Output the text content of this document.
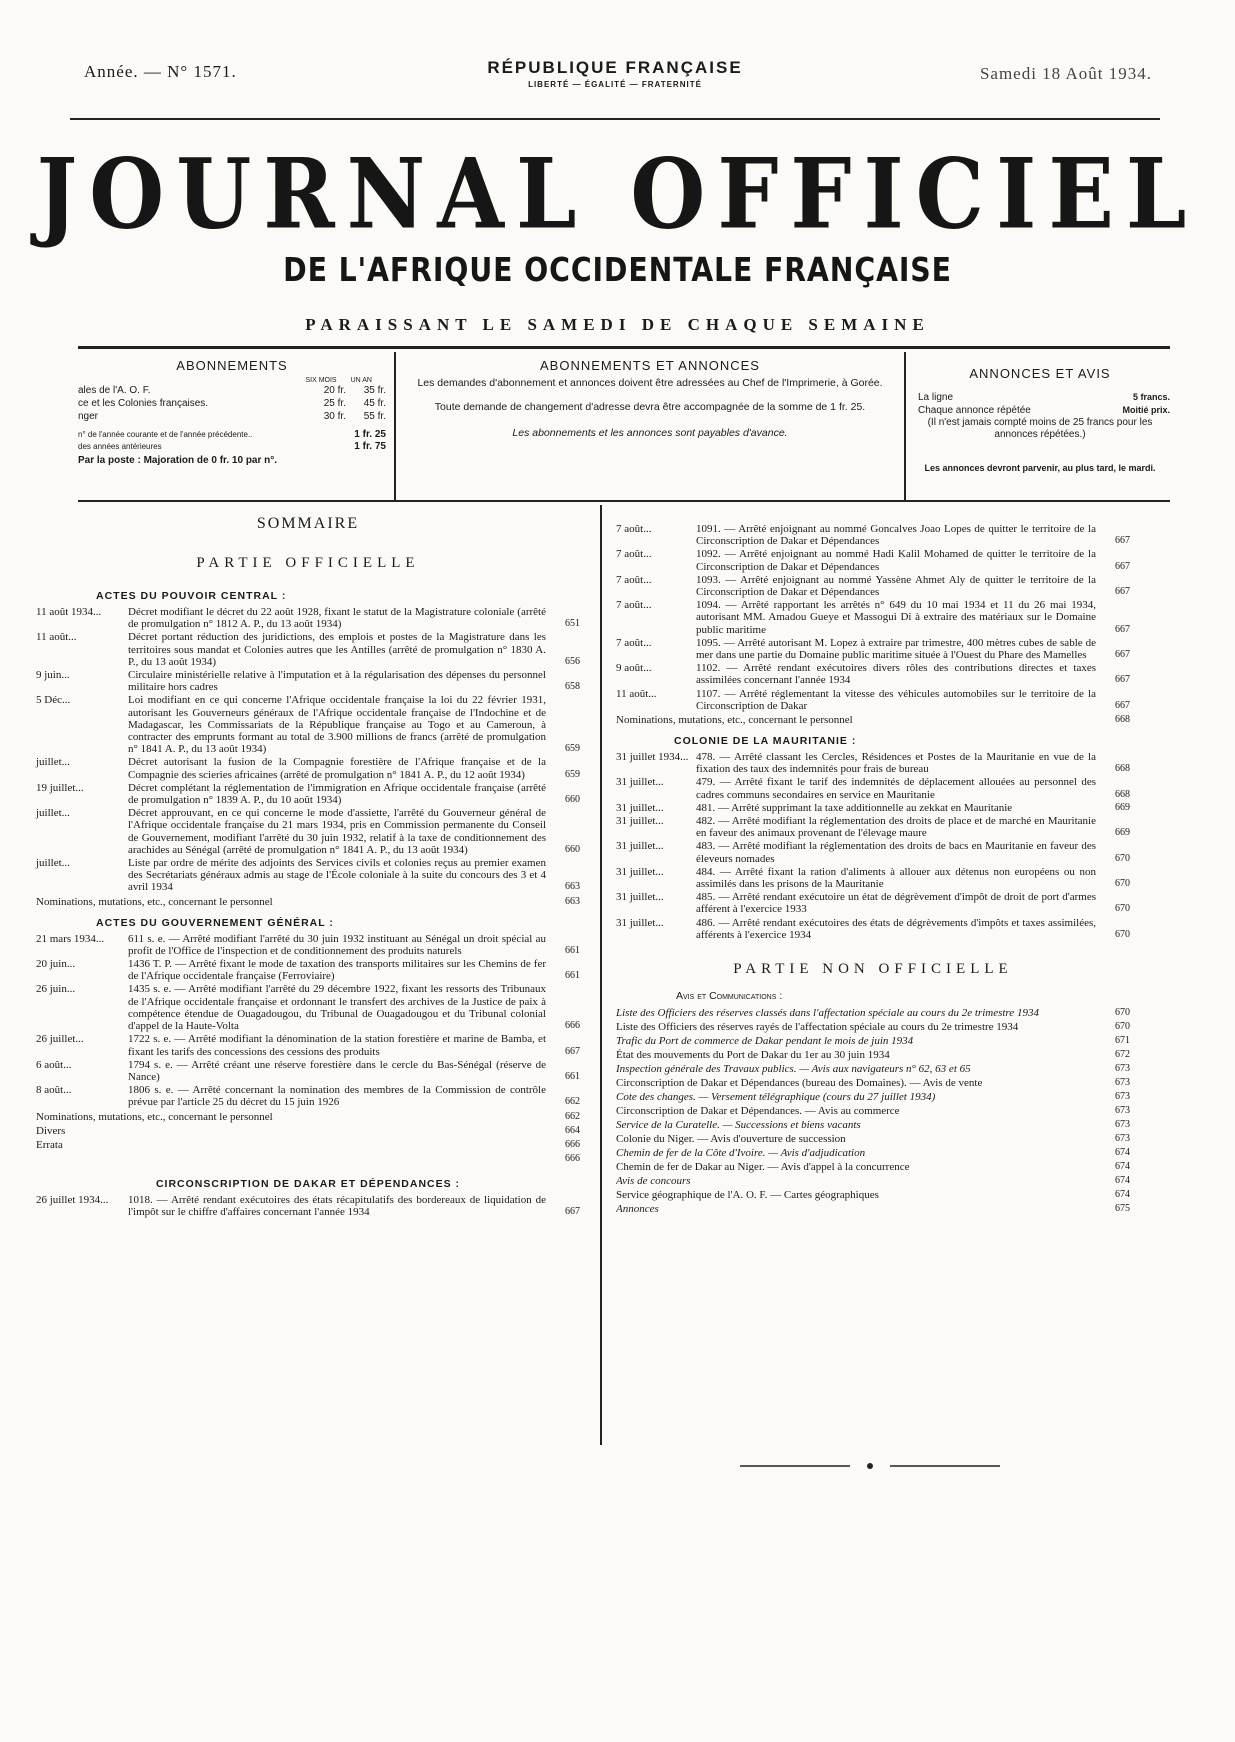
Année. — N° 1571.	RÉPUBLIQUE FRANÇAISE
LIBERTÉ — ÉGALITÉ — FRATERNITÉ
Samedi 18 Août 1934.
JOURNAL OFFICIEL
DE L'AFRIQUE OCCIDENTALE FRANÇAISE
PARAISSANT LE SAMEDI DE CHAQUE SEMAINE
ABONNEMENTS
SIX MOIS UN AN
ales de l'A. O. F.	20 fr.	35 fr.
ce et les Colonies françaises.	25 fr.	45 fr.
nger	30 fr.	55 fr.
n° de l'année courante et de l'année précédente..	1 fr. 25
des années antérieures	1 fr. 75
Par la poste : Majoration de 0 fr. 10 par n°.
ABONNEMENTS ET ANNONCES

Les demandes d'abonnement et annonces doivent être adressées au Chef de l'Imprimerie, à Gorée.

Toute demande de changement d'adresse devra être accompagnée de la somme de 1 fr. 25.

Les abonnements et les annonces sont payables d'avance.

ANNONCES ET AVIS
La ligne	5 francs.
Chaque annonce répétée	Moitié prix.
(Il n'est jamais compté moins de 25 francs pour les annonces répétées.)
Les annonces devront parvenir, au plus tard, le mardi.
SOMMAIRE
PARTIE OFFICIELLE
ACTES DU POUVOIR CENTRAL :
11 août 1934...	Décret modifiant le décret du 22 août 1928, fixant le statut de la Magistrature coloniale (arrêté de promulgation n° 1812 A. P., du 13 août 1934)	651
11 août...	Décret portant réduction des juridictions, des emplois et postes de la Magistrature dans les territoires sous mandat et Colonies autres que les Antilles (arrêté de promulgation n° 1830 A. P., du 13 août 1934)	656
9 juin...	Circulaire ministérielle relative à l'imputation et à la régularisation des dépenses du personnel militaire hors cadres	658
5 Déc...	Loi modifiant en ce qui concerne l'Afrique occidentale française la loi du 22 février 1931, autorisant les Gouverneurs généraux de l'Afrique occidentale française de l'Indochine et de Madagascar, les Commissariats de la République française au Togo et au Cameroun, à contracter des emprunts formant au total de 3.900 millions de francs (arrêté de promulgation n° 1841 A. P., du 13 août 1934)	659
juillet...	Décret autorisant la fusion de la Compagnie forestière de l'Afrique française et de la Compagnie des scieries africaines (arrêté de promulgation n° 1841 A. P., du 12 août 1934)	659
19 juillet...	Décret complétant la réglementation de l'immigration en Afrique occidentale française (arrêté de promulgation n° 1839 A. P., du 10 août 1934)	660
juillet...	Décret approuvant, en ce qui concerne le mode d'assiette, l'arrêté du Gouverneur général de l'Afrique occidentale française du 21 mars 1934, pris en Commission permanente du Conseil de Gouvernement, modifiant l'arrêté du 30 juin 1932, relatif à la taxe de conditionnement des arachides au Sénégal (arrêté de promulgation n° 1841 A. P., du 13 août 1934)	660
juillet...	Liste par ordre de mérite des adjoints des Services civils et colonies reçus au premier examen des Secrétariats généraux admis au stage de l'École coloniale à la suite du concours des 3 et 4 avril 1934	663
Nominations, mutations, etc., concernant le personnel	663
ACTES DU GOUVERNEMENT GÉNÉRAL :
21 mars 1934...	611 s. e. — Arrêté modifiant l'arrêté du 30 juin 1932 instituant au Sénégal un droit spécial au profit de l'Office de l'inspection et de conditionnement des produits naturels	661
20 juin...	1436 T. P. — Arrêté fixant le mode de taxation des transports militaires sur les Chemins de fer de l'Afrique occidentale française (Ferroviaire)	661
26 juin...	1435 s. e. — Arrêté modifiant l'arrêté du 29 décembre 1922, fixant les ressorts des Tribunaux de l'Afrique occidentale française et ordonnant le transfert des archives de la Justice de paix à compétence étendue de Ouagadougou, du Tribunal de Ouagadougou et du Tribunal colonial d'appel de la Haute-Volta	666
26 juillet...	1722 s. e. — Arrêté modifiant la dénomination de la station forestière et marine de Bamba, et fixant les tarifs des concessions des cessions des produits	667
6 août...	1794 s. e. — Arrêté créant une réserve forestière dans le cercle du Bas-Sénégal (réserve de Nance)	661
8 août...	1806 s. e. — Arrêté concernant la nomination des membres de la Commission de contrôle prévue par l'article 25 du décret du 15 juin 1926	662
Nominations, mutations, etc., concernant le personnel	662
Divers	664
Errata	666
666
CIRCONSCRIPTION DE DAKAR ET DÉPENDANCES :
26 juillet 1934...	1018. — Arrêté rendant exécutoires des états récapitulatifs des bordereaux de liquidation de l'impôt sur le chiffre d'affaires concernant l'année 1934	667
7 août...	1091. — Arrêté enjoignant au nommé Goncalves Joao Lopes de quitter le territoire de la Circonscription de Dakar et Dépendances	667
7 août...	1092. — Arrêté enjoignant au nommé Hadi Kalil Mohamed de quitter le territoire de la Circonscription de Dakar et Dépendances	667
7 août...	1093. — Arrêté enjoignant au nommé Yassène Ahmet Aly de quitter le territoire de la Circonscription de Dakar et Dépendances	667
7 août...	1094. — Arrêté rapportant les arrêtés n° 649 du 10 mai 1934 et 11 du 26 mai 1934, autorisant MM. Amadou Gueye et Massogui Di à extraire des matériaux sur le Domaine public maritime	667
7 août...	1095. — Arrêté autorisant M. Lopez à extraire par trimestre, 400 mètres cubes de sable de mer dans une partie du Domaine public maritime située à l'Ouest du Phare des Mamelles	667
9 août...	1102. — Arrêté rendant exécutoires divers rôles des contributions directes et taxes assimilées concernant l'année 1934	667
11 août...	1107. — Arrêté réglementant la vitesse des véhicules automobiles sur le territoire de la Circonscription de Dakar	667
Nominations, mutations, etc., concernant le personnel	668
COLONIE DE LA MAURITANIE :
31 juillet 1934... 478. — Arrêté classant les Cercles, Résidences et Postes de la Mauritanie en vue de la fixation des taux des indemnités pour frais de bureau	668
31 juillet...	479. — Arrêté fixant le tarif des indemnités de déplacement allouées au personnel des cadres communs secondaires en service en Mauritanie	668
31 juillet...	481. — Arrêté supprimant la taxe additionnelle au zekkat en Mauritanie	669
31 juillet...	482. — Arrêté modifiant la réglementation des droits de place et de marché en Mauritanie en faveur des animaux provenant de l'élevage maure	669
31 juillet...	483. — Arrêté modifiant la réglementation des droits de bacs en Mauritanie en faveur des éleveurs nomades	670
31 juillet...	484. — Arrêté fixant la ration d'aliments à allouer aux détenus non européens ou non assimilés dans les prisons de la Mauritanie	670
31 juillet...	485. — Arrêté rendant exécutoire un état de dégrèvement d'impôt de droit de port d'armes afférent à l'exercice 1933	670
31 juillet...	486. — Arrêté rendant exécutoires des états de dégrèvements d'impôts et taxes assimilées, afférents à l'exercice 1934	670
PARTIE NON OFFICIELLE
Avis et Communications :
Liste des Officiers des réserves classés dans l'affectation spéciale au cours du 2e trimestre 1934	670
Liste des Officiers des réserves rayés de l'affectation spéciale au cours du 2e trimestre 1934	670
Trafic du Port de commerce de Dakar pendant le mois de juin 1934	671
État des mouvements du Port de Dakar du 1er au 30 juin 1934	672
Inspection générale des Travaux publics. — Avis aux navigateurs n° 62, 63 et 65	673
Circonscription de Dakar et Dépendances (bureau des Domaines). — Avis de vente	673
Cote des changes. — Versement télégraphique (cours du 27 juillet 1934)	673
Circonscription de Dakar et Dépendances. — Avis au commerce	673
Service de la Curatelle. — Successions et biens vacants	673
Colonie du Niger. — Avis d'ouverture de succession	673
Chemin de fer de la Côte d'Ivoire. — Avis d'adjudication	674
Chemin de fer de Dakar au Niger. — Avis d'appel à la concurrence	674
Avis de concours	674
Service géographique de l'A. O. F. — Cartes géographiques	674
Annonces	675
